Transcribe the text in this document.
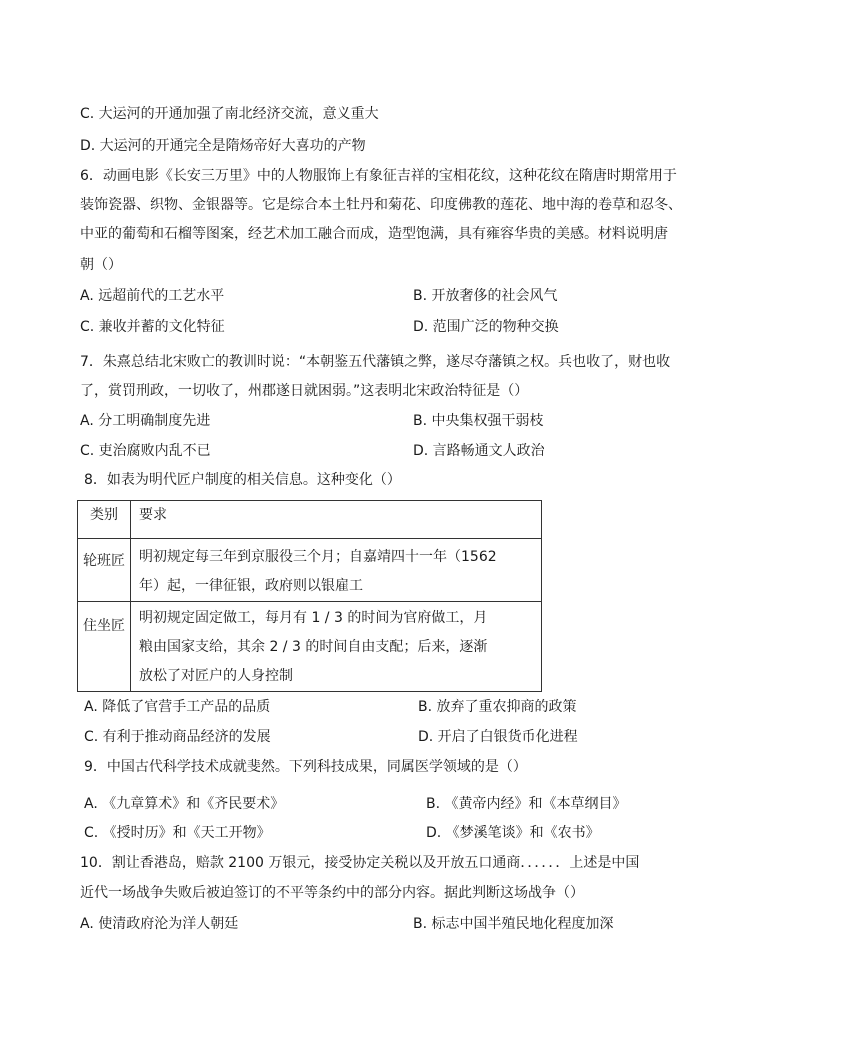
C. 大运河的开通加强了南北经济交流，意义重大
D. 大运河的开通完全是隋炀帝好大喜功的产物
6．动画电影《长安三万里》中的人物服饰上有象征吉祥的宝相花纹，这种花纹在隋唐时期常用于
装饰瓷器、织物、金银器等。它是综合本土牡丹和菊花、印度佛教的莲花、地中海的卷草和忍冬、
中亚的葡萄和石榴等图案，经艺术加工融合而成，造型饱满，具有雍容华贵的美感。材料说明唐
朝（）
A. 远超前代的工艺水平	B. 开放奢侈的社会风气
C. 兼收并蓄的文化特征	D. 范围广泛的物种交换
7．朱熹总结北宋败亡的教训时说：“本朝鉴五代藩镇之弊，遂尽夺藩镇之权。兵也收了，财也收
了，赏罚刑政，一切收了，州郡遂日就困弱。”这表明北宋政治特征是（）
A. 分工明确制度先进	B. 中央集权强干弱枝
C. 吏治腐败内乱不已	D. 言路畅通文人政治
8．如表为明代匠户制度的相关信息。这种变化（）
类别	要求
轮班匠	明初规定每三年到京服役三个月；自嘉靖四十一年（1562
年）起，一律征银，政府则以银雇工

住坐匠	明初规定固定做工，每月有 1 / 3 的时间为官府做工，月
粮由国家支给，其余 2 / 3 的时间自由支配；后来，逐渐
放松了对匠户的人身控制
A. 降低了官营手工产品的品质	B. 放弃了重农抑商的政策
C. 有利于推动商品经济的发展	D. 开启了白银货币化进程
9．中国古代科学技术成就斐然。下列科技成果，同属医学领域的是（）
A. 《九章算术》和《齐民要术》	B. 《黄帝内经》和《本草纲目》
C. 《授时历》和《天工开物》	D. 《梦溪笔谈》和《农书》
10．割让香港岛，赔款 2100 万银元，接受协定关税以及开放五口通商．．．．．．上述是中国
近代一场战争失败后被迫签订的不平等条约中的部分内容。据此判断这场战争（）
A. 使清政府沦为洋人朝廷	B. 标志中国半殖民地化程度加深
